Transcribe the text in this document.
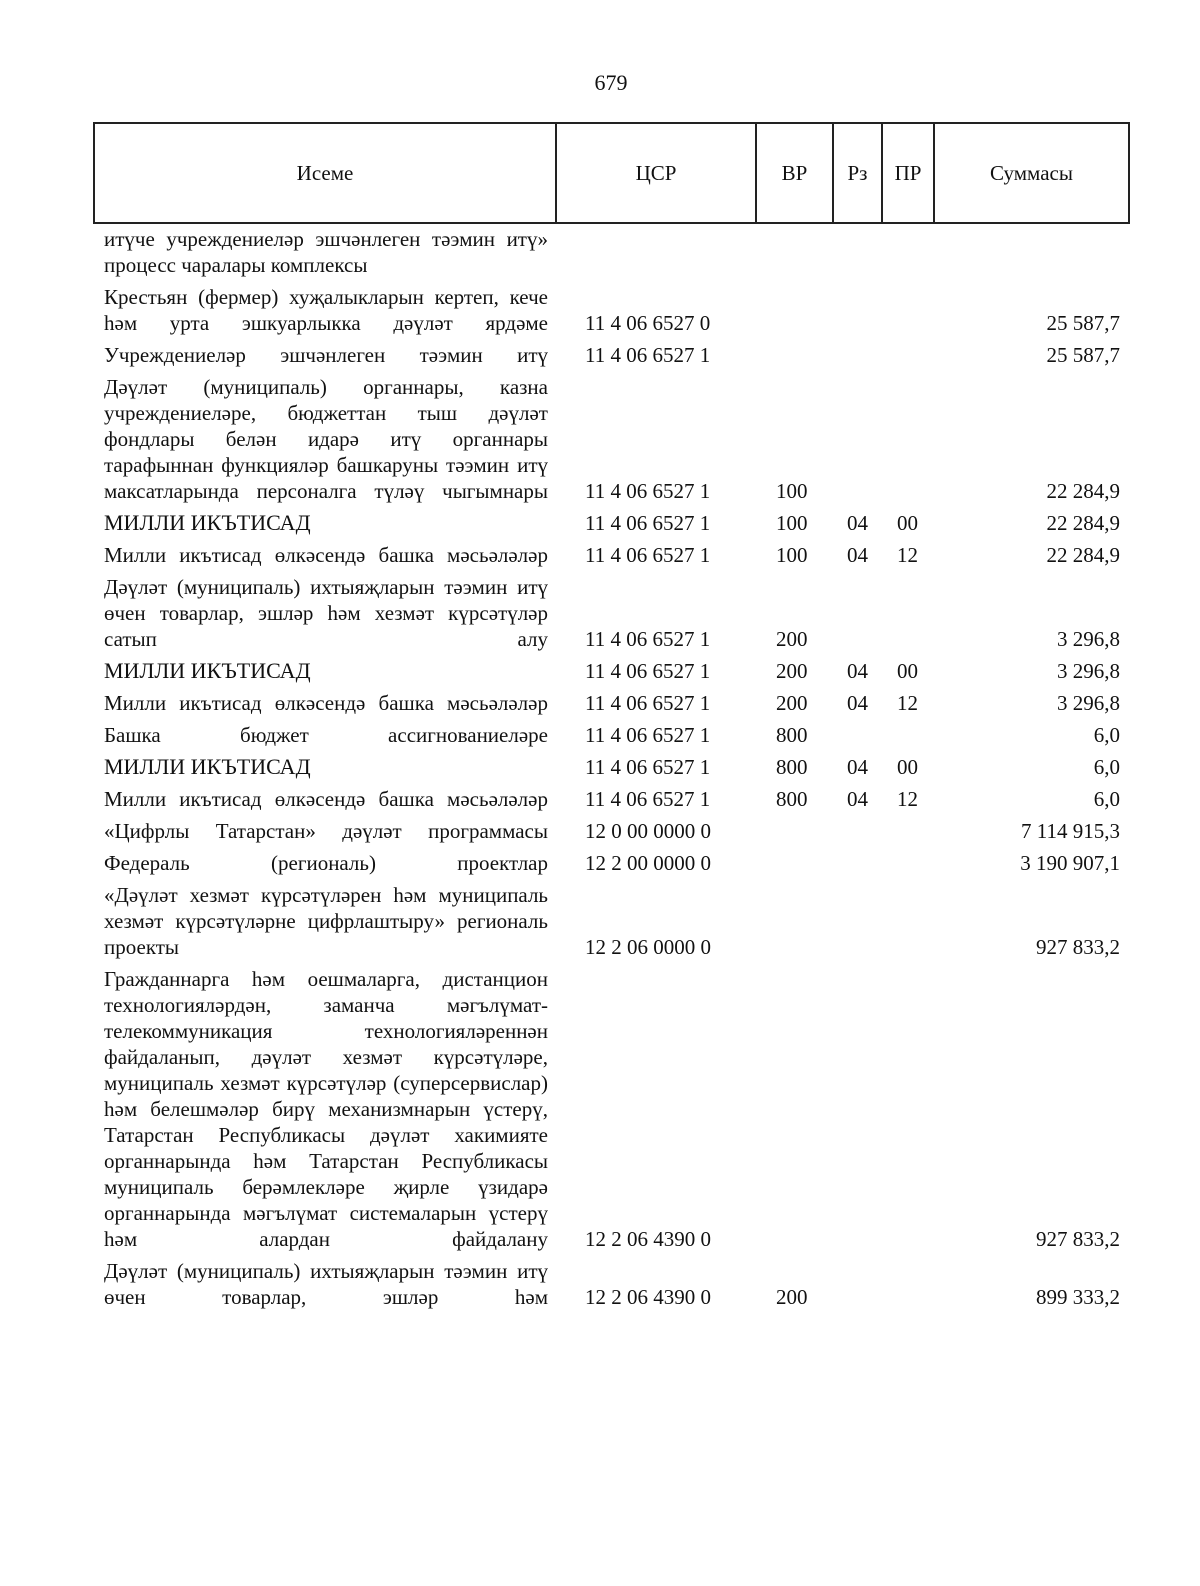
679
Исеме	ЦСР	ВР	Рз	ПР	Суммасы
итүче учреждениеләр эшчәнлеген тәэмин итү» процесс чаралары комплексы
Крестьян (фермер) хуҗалыкларын кертеп, кече һәм урта эшкуарлыкка дәүләт ярдәме 11 4 06 6527 0	25 587,7
Учреждениеләр эшчәнлеген тәэмин итү 11 4 06 6527 1	25 587,7
Дәүләт (муниципаль) органнары, казна учреждениеләре, бюджеттан тыш дәүләт фондлары белән идарә итү органнары тарафыннан функцияләр башкаруны тәэмин итү максатларында персоналга түләү чыгымнары 11 4 06 6527 1	100	22 284,9
МИЛЛИ ИКЪТИСАД	11 4 06 6527 1	100 04 00	22 284,9
Милли икътисад өлкәсендә башка мәсьәләләр 11 4 06 6527 1	100 04 12	22 284,9
Дәүләт (муниципаль) ихтыяҗларын тәэмин итү өчен товарлар, эшләр һәм хезмәт күрсәтүләр сатып алу 11 4 06 6527 1	200	3 296,8
МИЛЛИ ИКЪТИСАД	11 4 06 6527 1	200 04 00	3 296,8
Милли икътисад өлкәсендә башка мәсьәләләр 11 4 06 6527 1	200 04 12	3 296,8
Башка бюджет ассигнованиеләре 11 4 06 6527 1	800	6,0
МИЛЛИ ИКЪТИСАД	11 4 06 6527 1	800 04 00	6,0
Милли икътисад өлкәсендә башка мәсьәләләр 11 4 06 6527 1	800 04 12	6,0
«Цифрлы Татарстан» дәүләт программасы 12 0 00 0000 0	7 114 915,3
Федераль (региональ) проектлар 12 2 00 0000 0	3 190 907,1
«Дәүләт хезмәт күрсәтүләрен һәм муниципаль хезмәт күрсәтүләрне цифрлаштыру» региональ проекты	12 2 06 0000 0	927 833,2
Гражданнарга һәм оешмаларга, дистанцион технологияләрдән, заманча мәгълүмат-телекоммуникация технологияләреннән файдаланып, дәүләт хезмәт күрсәтүләре, муниципаль хезмәт күрсәтүләр (суперсервислар) һәм белешмәләр бирү механизмнарын үстерү, Татарстан Республикасы дәүләт хакимияте органнарында һәм Татарстан Республикасы муниципаль берәмлекләре җирле үзидарә органнарында мәгълүмат системаларын үстерү һәм алардан файдалану 12 2 06 4390 0	927 833,2
Дәүләт (муниципаль) ихтыяҗларын тәэмин итү өчен товарлар, эшләр һәм 12 2 06 4390 0	200	899 333,2
